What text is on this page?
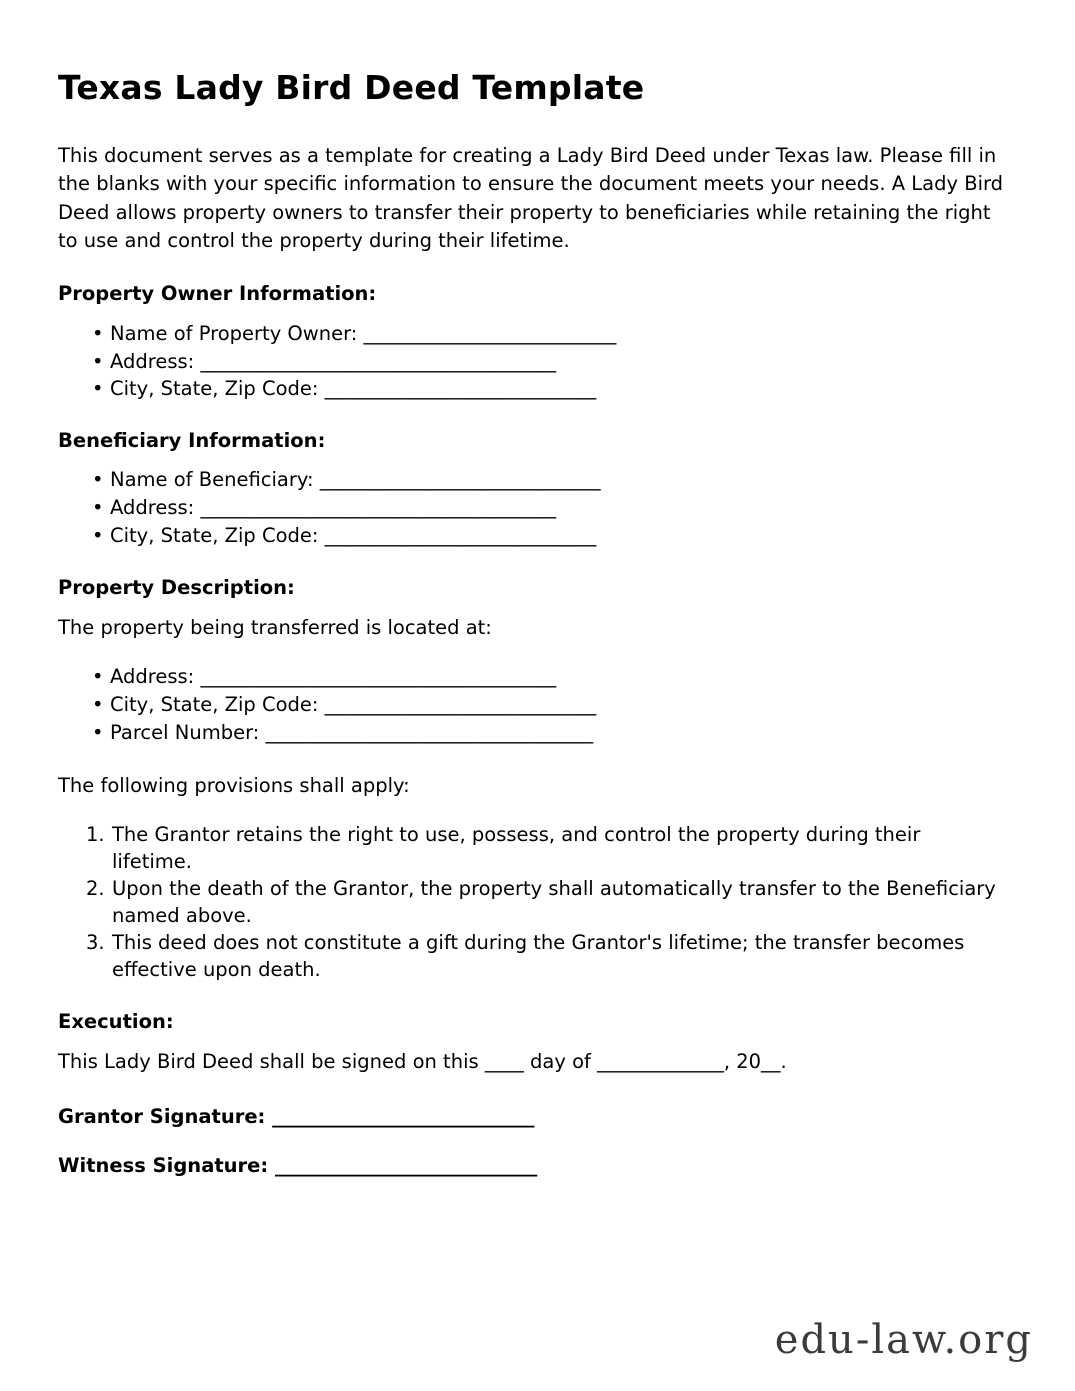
Texas Lady Bird Deed Template

This document serves as a template for creating a Lady Bird Deed under Texas law. Please fill in the blanks with your specific information to ensure the document meets your needs. A Lady Bird Deed allows property owners to transfer their property to beneficiaries while retaining the right to use and control the property during their lifetime.

Property Owner Information:
• Name of Property Owner: ___________________________
• Address: ______________________________________
• City, State, Zip Code: _____________________________
Beneficiary Information:
• Name of Beneficiary: ______________________________
• Address: ______________________________________
• City, State, Zip Code: _____________________________
Property Description:

The property being transferred is located at:

• Address: ______________________________________
• City, State, Zip Code: _____________________________
• Parcel Number: ___________________________________

The following provisions shall apply:

The Grantor retains the right to use, possess, and control the property during their lifetime.
Upon the death of the Grantor, the property shall automatically transfer to the Beneficiary named above.
This deed does not constitute a gift during the Grantor's lifetime; the transfer becomes effective upon death.
Execution:

This Lady Bird Deed shall be signed on this ____ day of _____________, 20__.

Grantor Signature: ____________________________

Witness Signature: ____________________________

edu-law.org
